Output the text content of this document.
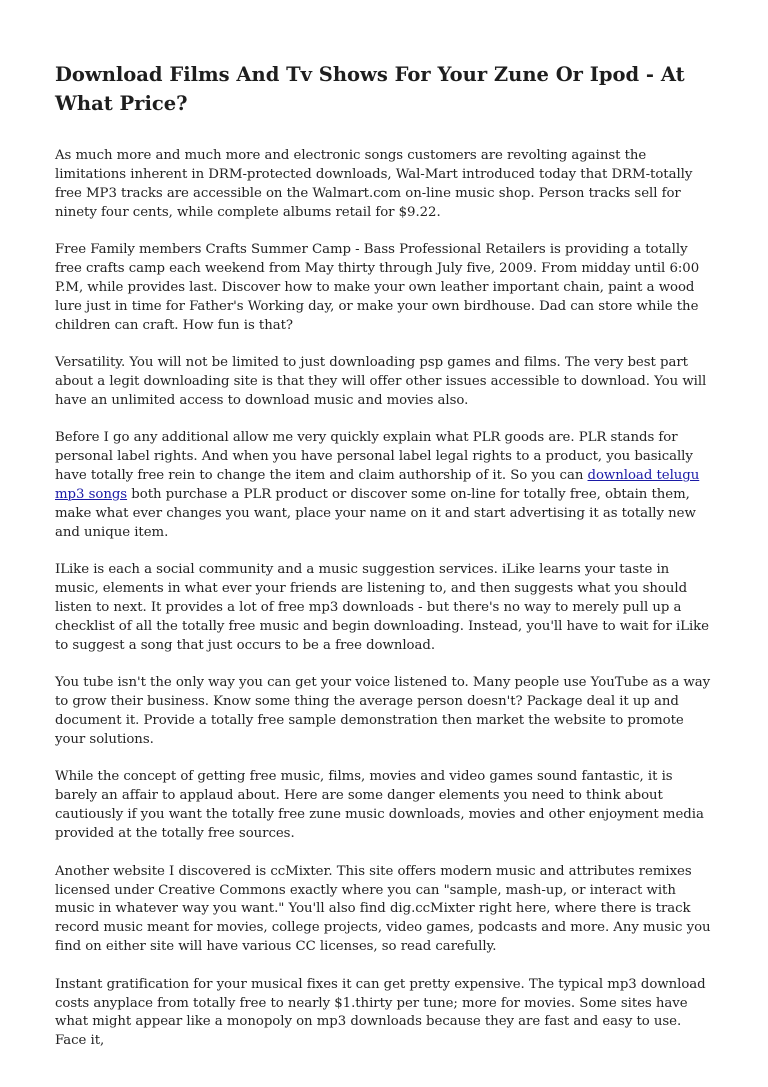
Download Films And Tv Shows For Your Zune Or Ipod - At What Price?

As much more and much more and electronic songs customers are revolting against the limitations inherent in DRM-protected downloads, Wal-Mart introduced today that DRM-totally free MP3 tracks are accessible on the Walmart.com on-line music shop. Person tracks sell for ninety four cents, while complete albums retail for $9.22.

Free Family members Crafts Summer Camp - Bass Professional Retailers is providing a totally free crafts camp each weekend from May thirty through July five, 2009. From midday until 6:00 P.M, while provides last. Discover how to make your own leather important chain, paint a wood lure just in time for Father's Working day, or make your own birdhouse. Dad can store while the children can craft. How fun is that?

Versatility. You will not be limited to just downloading psp games and films. The very best part about a legit downloading site is that they will offer other issues accessible to download. You will have an unlimited access to download music and movies also.

Before I go any additional allow me very quickly explain what PLR goods are. PLR stands for personal label rights. And when you have personal label legal rights to a product, you basically have totally free rein to change the item and claim authorship of it. So you can download telugu mp3 songs both purchase a PLR product or discover some on-line for totally free, obtain them, make what ever changes you want, place your name on it and start advertising it as totally new and unique item.

ILike is each a social community and a music suggestion services. iLike learns your taste in music, elements in what ever your friends are listening to, and then suggests what you should listen to next. It provides a lot of free mp3 downloads - but there's no way to merely pull up a checklist of all the totally free music and begin downloading. Instead, you'll have to wait for iLike to suggest a song that just occurs to be a free download.

You tube isn't the only way you can get your voice listened to. Many people use YouTube as a way to grow their business. Know some thing the average person doesn't? Package deal it up and document it. Provide a totally free sample demonstration then market the website to promote your solutions.

While the concept of getting free music, films, movies and video games sound fantastic, it is barely an affair to applaud about. Here are some danger elements you need to think about cautiously if you want the totally free zune music downloads, movies and other enjoyment media provided at the totally free sources.

Another website I discovered is ccMixter. This site offers modern music and attributes remixes licensed under Creative Commons exactly where you can "sample, mash-up, or interact with music in whatever way you want." You'll also find dig.ccMixter right here, where there is track record music meant for movies, college projects, video games, podcasts and more. Any music you find on either site will have various CC licenses, so read carefully.

Instant gratification for your musical fixes it can get pretty expensive. The typical mp3 download costs anyplace from totally free to nearly $1.thirty per tune; more for movies. Some sites have what might appear like a monopoly on mp3 downloads because they are fast and easy to use. Face it,
